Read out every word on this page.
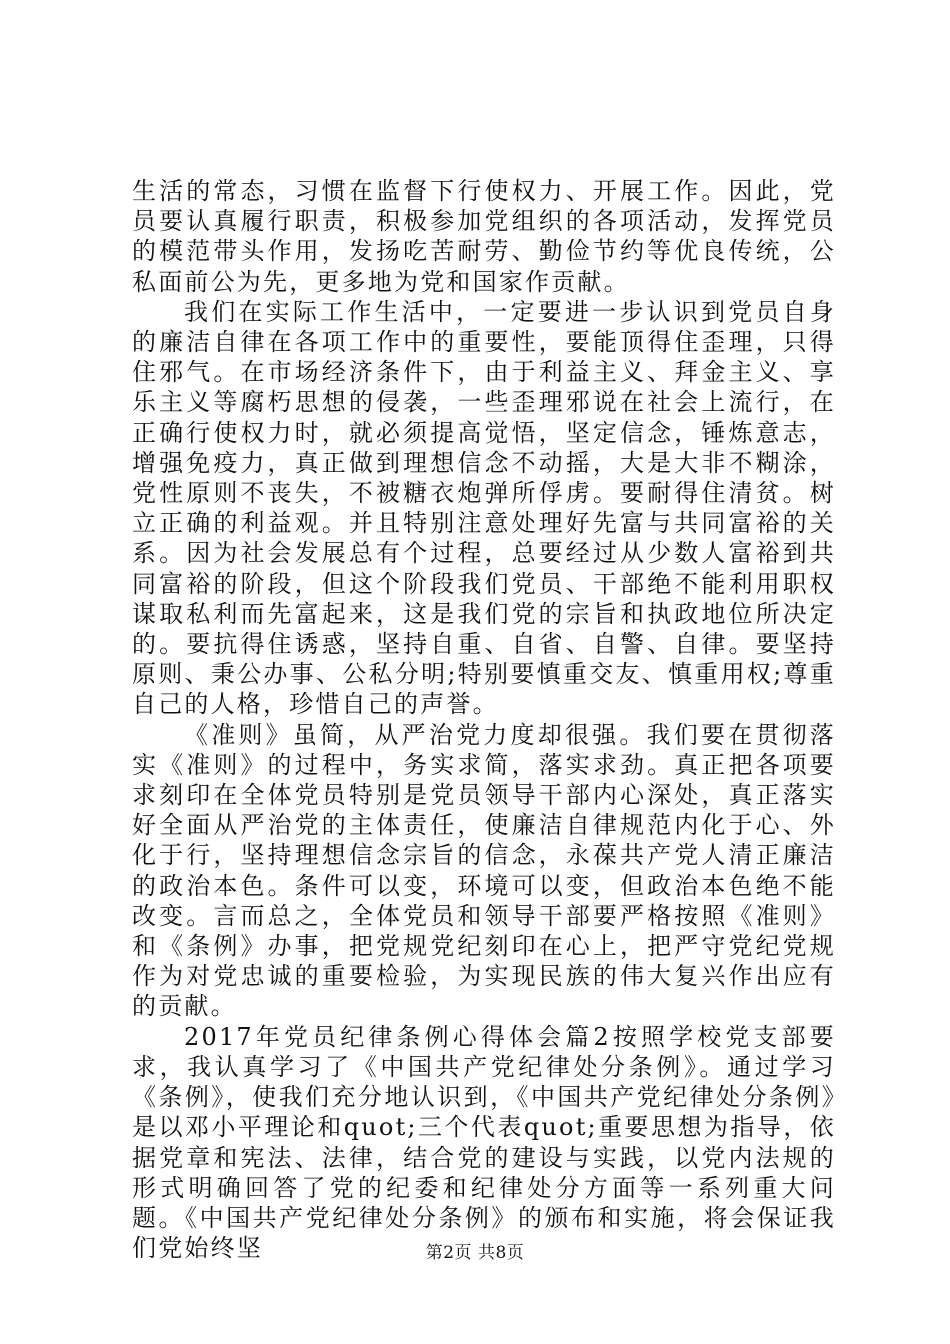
生活的常态，习惯在监督下行使权力、开展工作。因此，党员要认真履行职责，积极参加党组织的各项活动，发挥党员的模范带头作用，发扬吃苦耐劳、勤俭节约等优良传统，公私面前公为先，更多地为党和国家作贡献。

我们在实际工作生活中，一定要进一步认识到党员自身的廉洁自律在各项工作中的重要性，要能顶得住歪理，只得住邪气。在市场经济条件下，由于利益主义、拜金主义、享乐主义等腐朽思想的侵袭，一些歪理邪说在社会上流行，在正确行使权力时，就必须提高觉悟，坚定信念，锤炼意志，增强免疫力，真正做到理想信念不动摇，大是大非不糊涂，党性原则不丧失，不被糖衣炮弹所俘虏。要耐得住清贫。树立正确的利益观。并且特别注意处理好先富与共同富裕的关系。因为社会发展总有个过程，总要经过从少数人富裕到共同富裕的阶段，但这个阶段我们党员、干部绝不能利用职权谋取私利而先富起来，这是我们党的宗旨和执政地位所决定的。要抗得住诱惑，坚持自重、自省、自警、自律。要坚持原则、秉公办事、公私分明;特别要慎重交友、慎重用权;尊重自己的人格，珍惜自己的声誉。

《准则》虽简，从严治党力度却很强。我们要在贯彻落实《准则》的过程中，务实求简，落实求劲。真正把各项要求刻印在全体党员特别是党员领导干部内心深处，真正落实好全面从严治党的主体责任，使廉洁自律规范内化于心、外化于行，坚持理想信念宗旨的信念，永葆共产党人清正廉洁的政治本色。条件可以变，环境可以变，但政治本色绝不能改变。言而总之，全体党员和领导干部要严格按照《准则》和《条例》办事，把党规党纪刻印在心上，把严守党纪党规作为对党忠诚的重要检验，为实现民族的伟大复兴作出应有的贡献。

2017年党员纪律条例心得体会篇2按照学校党支部要求，我认真学习了《中国共产党纪律处分条例》。通过学习《条例》，使我们充分地认识到，《中国共产党纪律处分条例》是以邓小平理论和quot;三个代表quot;重要思想为指导，依据党章和宪法、法律，结合党的建设与实践，以党内法规的形式明确回答了党的纪委和纪律处分方面等一系列重大问题。《中国共产党纪律处分条例》的颁布和实施，将会保证我们党始终坚	第2页 共8页
